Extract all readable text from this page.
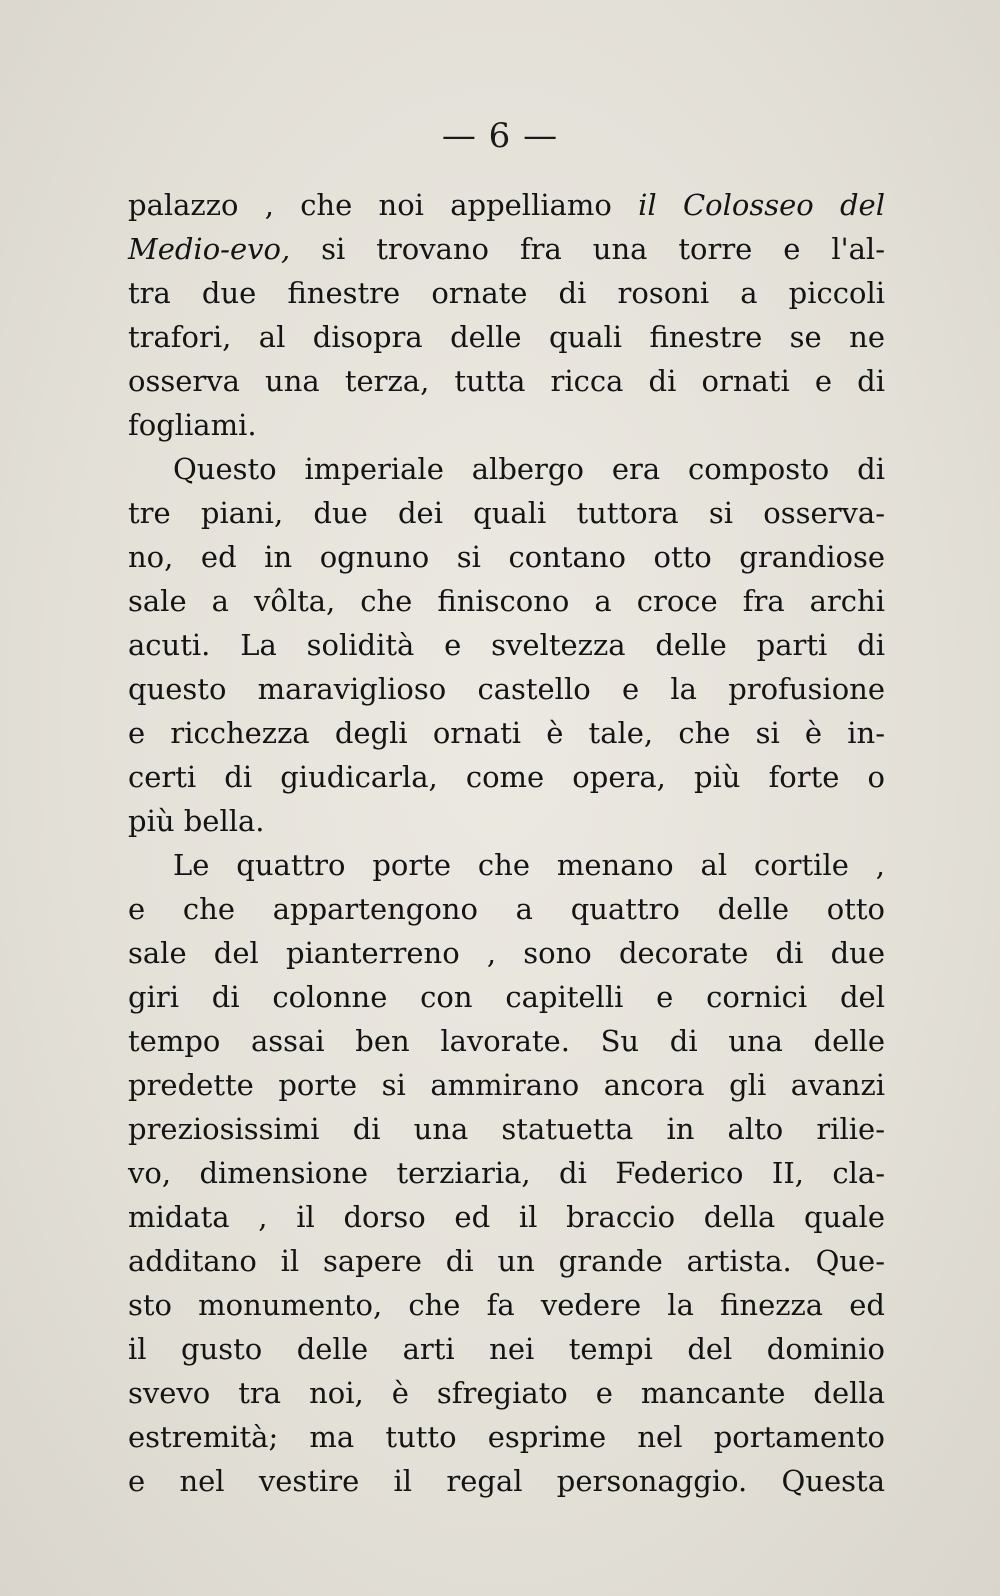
— 6 —
palazzo , che noi appelliamo il Colosseo del
Medio-evo, si trovano fra una torre e l'al-
tra due finestre ornate di rosoni a piccoli
trafori, al disopra delle quali finestre se ne
osserva una terza, tutta ricca di ornati e di
fogliami.
Questo imperiale albergo era composto di
tre piani, due dei quali tuttora si osserva-
no, ed in ognuno si contano otto grandiose
sale a vôlta, che finiscono a croce fra archi
acuti. La solidità e sveltezza delle parti di
questo maraviglioso castello e la profusione
e ricchezza degli ornati è tale, che si è in-
certi di giudicarla, come opera, più forte o
più bella.
Le quattro porte che menano al cortile ,
e che appartengono a quattro delle otto
sale del pianterreno , sono decorate di due
giri di colonne con capitelli e cornici del
tempo assai ben lavorate. Su di una delle
predette porte si ammirano ancora gli avanzi
preziosissimi di una statuetta in alto rilie-
vo, dimensione terziaria, di Federico II, cla-
midata , il dorso ed il braccio della quale
additano il sapere di un grande artista. Que-
sto monumento, che fa vedere la finezza ed
il gusto delle arti nei tempi del dominio
svevo tra noi, è sfregiato e mancante della
estremità; ma tutto esprime nel portamento
e nel vestire il regal personaggio. Questa
